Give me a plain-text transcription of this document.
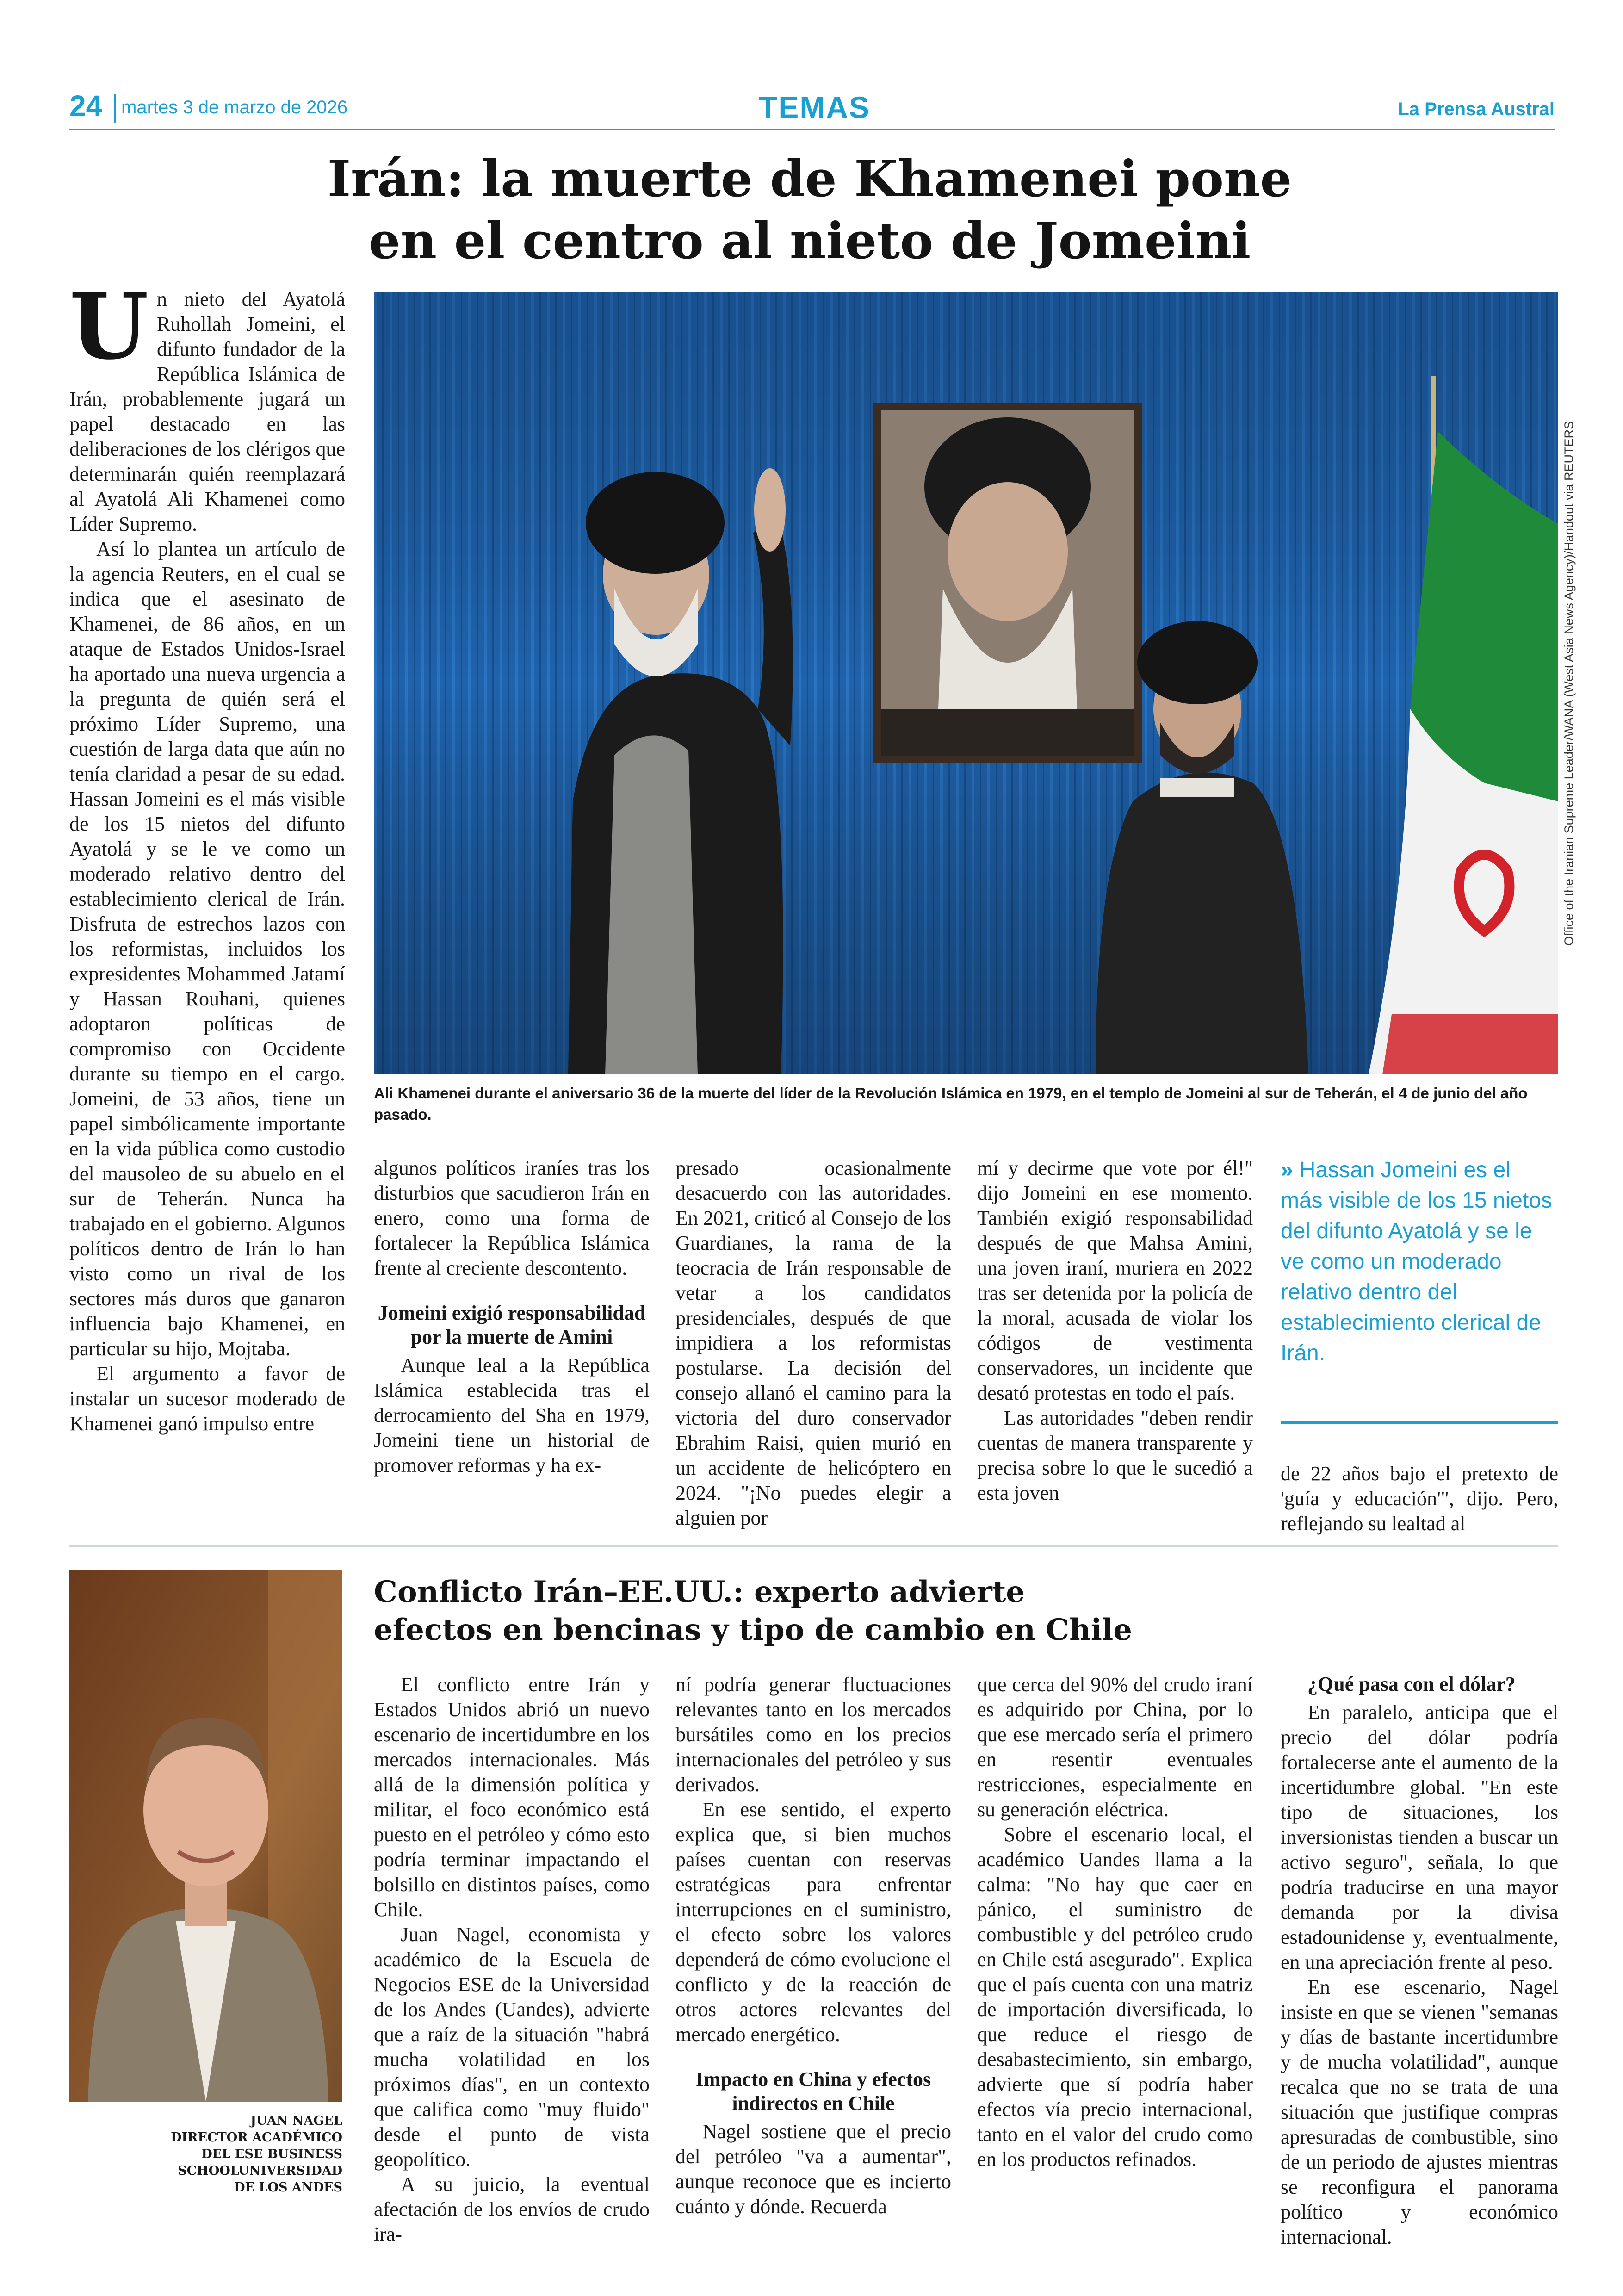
24 martes 3 de marzo de 2026	TEMAS	La Prensa Austral
Irán: la muerte de Khamenei pone
en el centro al nieto de Jomeini

Un nieto del Ayatolá Ruhollah Jomeini, el difunto fundador de la República Islámica de Irán, probablemente jugará un papel destacado en las deliberaciones de los clérigos que determinarán quién reemplazará al Ayatolá Ali Khamenei como Líder Supremo.

Así lo plantea un artículo de la agencia Reuters, en el cual se indica que el asesinato de Khamenei, de 86 años, en un ataque de Estados Unidos-Israel ha aportado una nueva urgencia a la pregunta de quién será el próximo Líder Supremo, una cuestión de larga data que aún no tenía claridad a pesar de su edad. Hassan Jomeini es el más visible de los 15 nietos del difunto Ayatolá y se le ve como un moderado relativo dentro del establecimiento clerical de Irán. Disfruta de estrechos lazos con los reformistas, incluidos los expresidentes Mohammed Jatamí y Hassan Rouhani, quienes adoptaron políticas de compromiso con Occidente durante su tiempo en el cargo. Jomeini, de 53 años, tiene un papel simbólicamente importante en la vida pública como custodio del mausoleo de su abuelo en el sur de Teherán. Nunca ha trabajado en el gobierno. Algunos políticos dentro de Irán lo han visto como un rival de los sectores más duros que ganaron influencia bajo Khamenei, en particular su hijo, Mojtaba.

El argumento a favor de instalar un sucesor moderado de Khamenei ganó impulso entre

Office of the Iranian Supreme Leader/WANA (West Asia News Agency)/Handout via REUTERS
Ali Khamenei durante el aniversario 36 de la muerte del líder de la Revolución Islámica en 1979, en el templo de Jomeini al sur de Teherán, el 4 de junio del año pasado.

algunos políticos iraníes tras los disturbios que sacudieron Irán en enero, como una forma de fortalecer la República Islámica frente al creciente descontento.

Jomeini exigió responsabilidad por la muerte de Amini

Aunque leal a la República Islámica establecida tras el derrocamiento del Sha en 1979, Jomeini tiene un historial de promover reformas y ha ex-

presado ocasionalmente desacuerdo con las autoridades. En 2021, criticó al Consejo de los Guardianes, la rama de la teocracia de Irán responsable de vetar a los candidatos presidenciales, después de que impidiera a los reformistas postularse. La decisión del consejo allanó el camino para la victoria del duro conservador Ebrahim Raisi, quien murió en un accidente de helicóptero en 2024. "¡No puedes elegir a alguien por

mí y decirme que vote por él!" dijo Jomeini en ese momento. También exigió responsabilidad después de que Mahsa Amini, una joven iraní, muriera en 2022 tras ser detenida por la policía de la moral, acusada de violar los códigos de vestimenta conservadores, un incidente que desató protestas en todo el país.

Las autoridades "deben rendir cuentas de manera transparente y precisa sobre lo que le sucedió a esta joven

» Hassan Jomeini es el más visible de los 15 nietos del difunto Ayatolá y se le ve como un moderado relativo dentro del establecimiento clerical de Irán.

de 22 años bajo el pretexto de 'guía y educación'", dijo. Pero, reflejando su lealtad al

JUAN NAGEL
DIRECTOR ACADÉMICO
DEL ESE BUSINESS
SCHOOLUNIVERSIDAD
DE LOS ANDES
Conflicto Irán–EE.UU.: experto advierte
efectos en bencinas y tipo de cambio en Chile

El conflicto entre Irán y Estados Unidos abrió un nuevo escenario de incertidumbre en los mercados internacionales. Más allá de la dimensión política y militar, el foco económico está puesto en el petróleo y cómo esto podría terminar impactando el bolsillo en distintos países, como Chile.

Juan Nagel, economista y académico de la Escuela de Negocios ESE de la Universidad de los Andes (Uandes), advierte que a raíz de la situación "habrá mucha volatilidad en los próximos días", en un contexto que califica como "muy fluido" desde el punto de vista geopolítico.

A su juicio, la eventual afectación de los envíos de crudo ira-

ní podría generar fluctuaciones relevantes tanto en los mercados bursátiles como en los precios internacionales del petróleo y sus derivados.

En ese sentido, el experto explica que, si bien muchos países cuentan con reservas estratégicas para enfrentar interrupciones en el suministro, el efecto sobre los valores dependerá de cómo evolucione el conflicto y de la reacción de otros actores relevantes del mercado energético.

Impacto en China y efectos indirectos en Chile

Nagel sostiene que el precio del petróleo "va a aumentar", aunque reconoce que es incierto cuánto y dónde. Recuerda

que cerca del 90% del crudo iraní es adquirido por China, por lo que ese mercado sería el primero en resentir eventuales restricciones, especialmente en su generación eléctrica.

Sobre el escenario local, el académico Uandes llama a la calma: "No hay que caer en pánico, el suministro de combustible y del petróleo crudo en Chile está asegurado". Explica que el país cuenta con una matriz de importación diversificada, lo que reduce el riesgo de desabastecimiento, sin embargo, advierte que sí podría haber efectos vía precio internacional, tanto en el valor del crudo como en los productos refinados.

¿Qué pasa con el dólar?

En paralelo, anticipa que el precio del dólar podría fortalecerse ante el aumento de la incertidumbre global. "En este tipo de situaciones, los inversionistas tienden a buscar un activo seguro", señala, lo que podría traducirse en una mayor demanda por la divisa estadounidense y, eventualmente, en una apreciación frente al peso.

En ese escenario, Nagel insiste en que se vienen "semanas y días de bastante incertidumbre y de mucha volatilidad", aunque recalca que no se trata de una situación que justifique compras apresuradas de combustible, sino de un periodo de ajustes mientras se reconfigura el panorama político y económico internacional.
